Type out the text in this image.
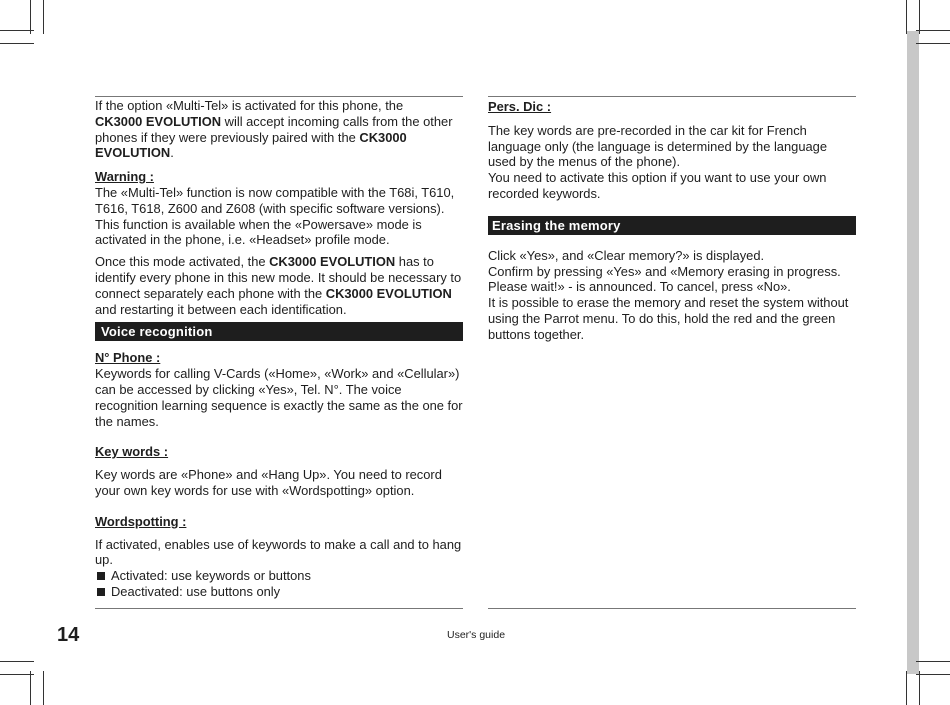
If the option «Multi-Tel» is activated for this phone, the
CK3000 EVOLUTION will accept incoming calls from the other phones if they were previously paired with the CK3000 EVOLUTION.

Warning :

The «Multi-Tel» function is now compatible with the T68i, T610, T616, T618, Z600 and Z608 (with specific software versions). This function is available when the «Powersave» mode is activated in the phone, i.e. «Headset» profile mode.

Once this mode activated, the CK3000 EVOLUTION has to identify every phone in this new mode. It should be necessary to connect separately each phone with the CK3000 EVOLUTION and restarting it between each identification.

Voice recognition

N° Phone :

Keywords for calling V-Cards («Home», «Work» and «Cellular») can be accessed by clicking «Yes», Tel. N°. The voice recognition learning sequence is exactly the same as the one for the names.

Key words :

Key words are «Phone» and «Hang Up». You need to record your own key words for use with «Wordspotting» option.

Wordspotting :

If activated, enables use of keywords to make a call and to hang up.

Activated: use keywords or buttons
Deactivated: use buttons only

Pers. Dic :

The key words are pre-recorded in the car kit for French language only (the language is determined by the language used by the menus of the phone).

You need to activate this option if you want to use your own recorded keywords.

Erasing the memory

Click «Yes», and «Clear memory?» is displayed.

Confirm by pressing «Yes» and «Memory erasing in progress. Please wait!» - is announced. To cancel, press «No».

It is possible to erase the memory and reset the system without using the Parrot menu. To do this, hold the red and the green buttons together.

14	User's guide
